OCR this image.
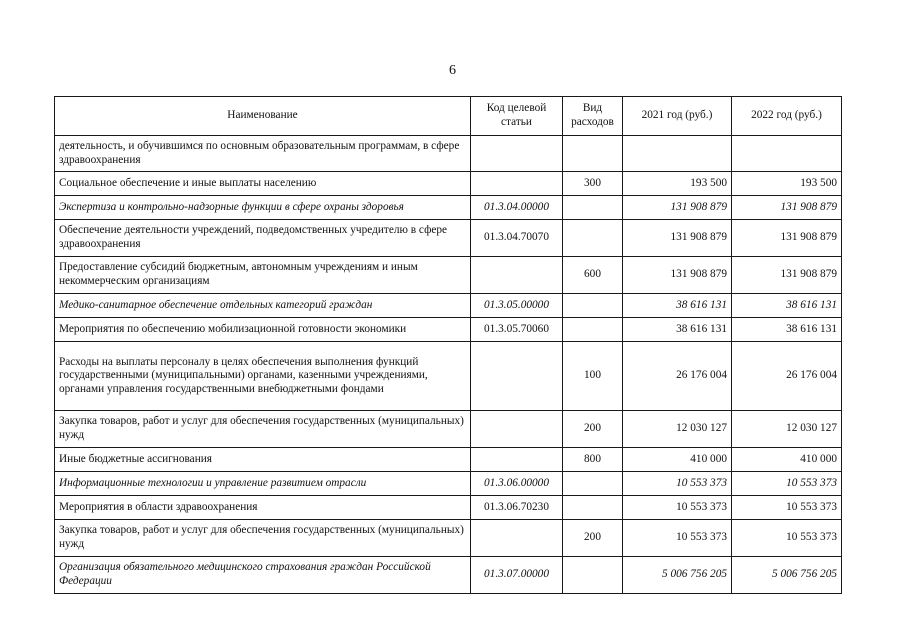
6
Наименование	Код целевой статьи	Вид расходов	2021 год (руб.)	2022 год (руб.)
деятельность, и обучившимся по основным образовательным программам, в сфере здравоохранения				
Социальное обеспечение и иные выплаты населению		300	193 500	193 500
Экспертиза и контрольно-надзорные функции в сфере охраны здоровья	01.3.04.00000		131 908 879	131 908 879
Обеспечение деятельности учреждений, подведомственных учредителю в сфере здравоохранения	01.3.04.70070		131 908 879	131 908 879
Предоставление субсидий бюджетным, автономным учреждениям и иным некоммерческим организациям		600	131 908 879	131 908 879
Медико-санитарное обеспечение отдельных категорий граждан	01.3.05.00000		38 616 131	38 616 131
Мероприятия по обеспечению мобилизационной готовности экономики	01.3.05.70060		38 616 131	38 616 131
Расходы на выплаты персоналу в целях обеспечения выполнения функций государственными (муниципальными) органами, казенными учреждениями, органами управления государственными внебюджетными фондами		100	26 176 004	26 176 004
Закупка товаров, работ и услуг для обеспечения государственных (муниципальных) нужд		200	12 030 127	12 030 127
Иные бюджетные ассигнования		800	410 000	410 000
Информационные технологии и управление развитием отрасли	01.3.06.00000		10 553 373	10 553 373
Мероприятия в области здравоохранения	01.3.06.70230		10 553 373	10 553 373
Закупка товаров, работ и услуг для обеспечения государственных (муниципальных) нужд		200	10 553 373	10 553 373
Организация обязательного медицинского страхования граждан Российской Федерации	01.3.07.00000		5 006 756 205	5 006 756 205
